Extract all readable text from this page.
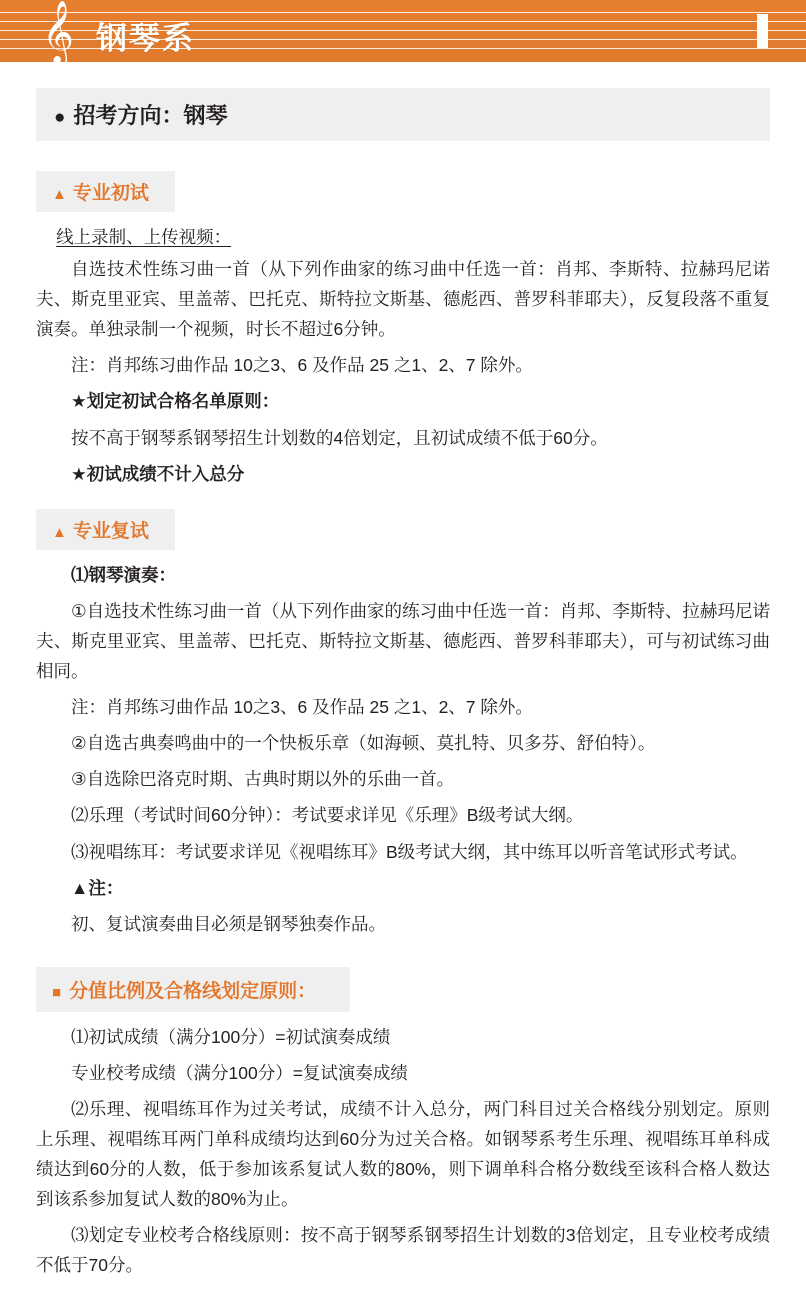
𝄞 钢琴系
● 招考方向：钢琴
▲ 专业初试

线上录制、上传视频：

自选技术性练习曲一首（从下列作曲家的练习曲中任选一首：肖邦、李斯特、拉赫玛尼诺夫、斯克里亚宾、里盖蒂、巴托克、斯特拉文斯基、德彪西、普罗科菲耶夫），反复段落不重复演奏。单独录制一个视频，时长不超过6分钟。

注：肖邦练习曲作品 10之3、6 及作品 25 之1、2、7 除外。

★划定初试合格名单原则：

按不高于钢琴系钢琴招生计划数的4倍划定，且初试成绩不低于60分。

★初试成绩不计入总分

▲ 专业复试

⑴钢琴演奏：

①自选技术性练习曲一首（从下列作曲家的练习曲中任选一首：肖邦、李斯特、拉赫玛尼诺夫、斯克里亚宾、里盖蒂、巴托克、斯特拉文斯基、德彪西、普罗科菲耶夫），可与初试练习曲相同。

注：肖邦练习曲作品 10之3、6 及作品 25 之1、2、7 除外。

②自选古典奏鸣曲中的一个快板乐章（如海顿、莫扎特、贝多芬、舒伯特）。

③自选除巴洛克时期、古典时期以外的乐曲一首。

⑵乐理（考试时间60分钟）：考试要求详见《乐理》B级考试大纲。

⑶视唱练耳：考试要求详见《视唱练耳》B级考试大纲，其中练耳以听音笔试形式考试。

▲注：

初、复试演奏曲目必须是钢琴独奏作品。

■ 分值比例及合格线划定原则：

⑴初试成绩（满分100分）=初试演奏成绩

专业校考成绩（满分100分）=复试演奏成绩

⑵乐理、视唱练耳作为过关考试，成绩不计入总分，两门科目过关合格线分别划定。原则上乐理、视唱练耳两门单科成绩均达到60分为过关合格。如钢琴系考生乐理、视唱练耳单科成绩达到60分的人数，低于参加该系复试人数的80%，则下调单科合格分数线至该科合格人数达到该系参加复试人数的80%为止。

⑶划定专业校考合格线原则：按不高于钢琴系钢琴招生计划数的3倍划定，且专业校考成绩不低于70分。
